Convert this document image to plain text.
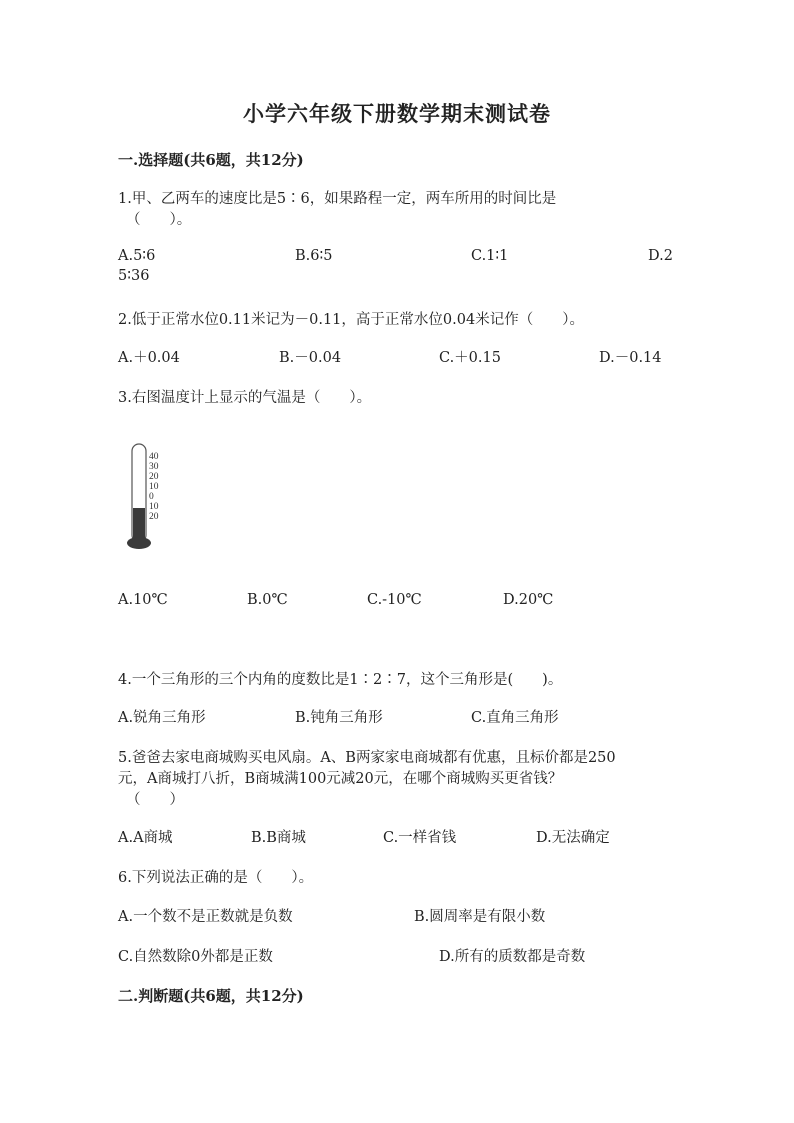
小学六年级下册数学期末测试卷
一.选择题(共6题，共12分)
1.甲、乙两车的速度比是5∶6，如果路程一定，两车所用的时间比是
（　　）。
A.5∶6	B.6∶5	C.1∶1	D.2
5∶36
2.低于正常水位0.11米记为－0.11，高于正常水位0.04米记作（　　）。
A.＋0.04	B.－0.04	C.＋0.15	D.－0.14
3.右图温度计上显示的气温是（　　）。
40
30
20
10
0
10
20
A.10℃	B.0℃	C.-10℃	D.20℃
4.一个三角形的三个内角的度数比是1∶2∶7，这个三角形是(　　)。
A.锐角三角形	B.钝角三角形	C.直角三角形
5.爸爸去家电商城购买电风扇。A、B两家家电商城都有优惠，且标价都是250
元，A商城打八折，B商城满100元减20元，在哪个商城购买更省钱？
（　　）
A.A商城	B.B商城	C.一样省钱	D.无法确定
6.下列说法正确的是（　　）。
A.一个数不是正数就是负数	B.圆周率是有限小数
C.自然数除0外都是正数	D.所有的质数都是奇数
二.判断题(共6题，共12分)
